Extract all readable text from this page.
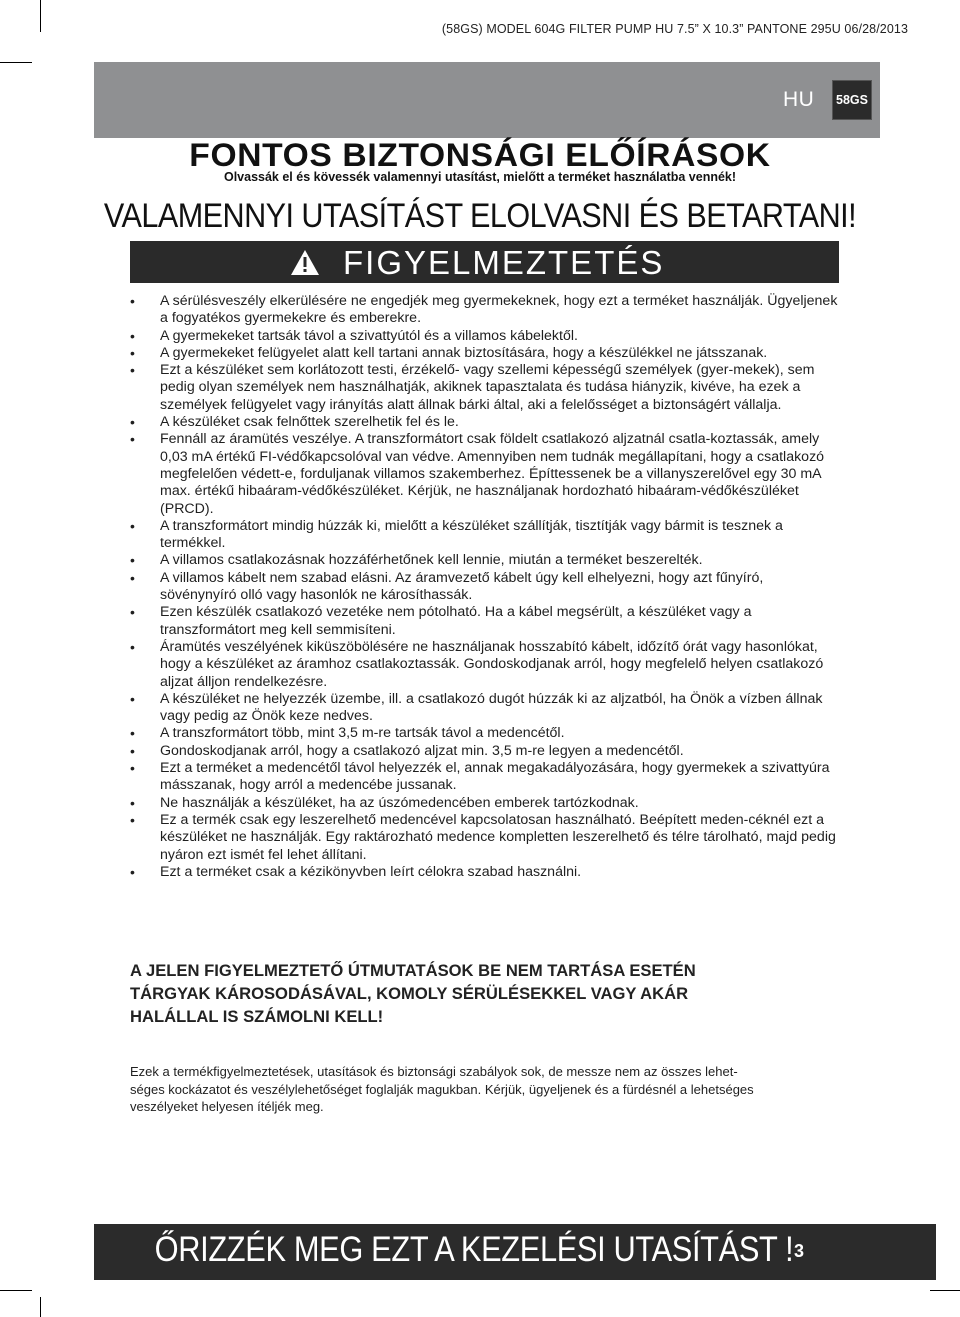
(58GS) MODEL 604G FILTER PUMP HU 7.5” X 10.3” PANTONE 295U 06/28/2013
HU	58GS
FONTOS BIZTONSÁGI ELŐÍRÁSOK
Olvassák el és kövessék valamennyi utasítást, mielőtt a terméket használatba vennék!
VALAMENNYI UTASÍTÁST ELOLVASNI ÉS BETARTANI!
FIGYELMEZTETÉS
• A sérülésveszély elkerülésére ne engedjék meg gyermekeknek, hogy ezt a terméket használják. Ügyeljenek a fogyatékos gyermekekre és emberekre.
• A gyermekeket tartsák távol a szivattyútól és a villamos kábelektől.
• A gyermekeket felügyelet alatt kell tartani annak biztosítására, hogy a készülékkel ne játsszanak.
• Ezt a készüléket sem korlátozott testi, érzékelő- vagy szellemi képességű személyek (gyer-mekek), sem pedig olyan személyek nem használhatják, akiknek tapasztalata és tudása hiányzik, kivéve, ha ezek a személyek felügyelet vagy irányítás alatt állnak bárki által, aki a felelősséget a biztonságért vállalja.
• A készüléket csak felnőttek szerelhetik fel és le.
• Fennáll az áramütés veszélye. A transzformátort csak földelt csatlakozó aljzatnál csatla-koztassák, amely 0,03 mA értékű FI-védőkapcsolóval van védve. Amennyiben nem tudnák megállapítani, hogy a csatlakozó megfelelően védett-e, forduljanak villamos szakemberhez. Építtessenek be a villanyszerelővel egy 30 mA max. értékű hibaáram-védőkészüléket. Kérjük, ne használjanak hordozható hibaáram-védőkészüléket (PRCD).
• A transzformátort mindig húzzák ki, mielőtt a készüléket szállítják, tisztítják vagy bármit is tesznek a termékkel.
• A villamos csatlakozásnak hozzáférhetőnek kell lennie, miután a terméket beszerelték.
• A villamos kábelt nem szabad elásni. Az áramvezető kábelt úgy kell elhelyezni, hogy azt fűnyíró, sövénynyíró olló vagy hasonlók ne károsíthassák.
• Ezen készülék csatlakozó vezetéke nem pótolható. Ha a kábel megsérült, a készüléket vagy a transzformátort meg kell semmisíteni.
• Áramütés veszélyének kiküszöbölésére ne használjanak hosszabító kábelt, időzítő órát vagy hasonlókat, hogy a készüléket az áramhoz csatlakoztassák. Gondoskodjanak arról, hogy megfelelő helyen csatlakozó aljzat álljon rendelkezésre.
• A készüléket ne helyezzék üzembe, ill. a csatlakozó dugót húzzák ki az aljzatból, ha Önök a vízben állnak vagy pedig az Önök keze nedves.
• A transzformátort több, mint 3,5 m-re tartsák távol a medencétől.
• Gondoskodjanak arról, hogy a csatlakozó aljzat min. 3,5 m-re legyen a medencétől.
• Ezt a terméket a medencétől távol helyezzék el, annak megakadályozására, hogy gyermekek a szivattyúra másszanak, hogy arról a medencébe jussanak.
• Ne használják a készüléket, ha az úszómedencében emberek tartózkodnak.
• Ez a termék csak egy leszerelhető medencével kapcsolatosan használható. Beépített meden-céknél ezt a készüléket ne használják. Egy raktározható medence kompletten leszerelhető és télre tárolható, majd pedig nyáron ezt ismét fel lehet állítani.
• Ezt a terméket csak a kézikönyvben leírt célokra szabad használni.

A JELEN FIGYELMEZTETŐ ÚTMUTATÁSOK BE NEM TARTÁSA ESETÉN
TÁRGYAK KÁROSODÁSÁVAL, KOMOLY SÉRÜLÉSEKKEL VAGY AKÁR
HALÁLLAL IS SZÁMOLNI KELL!

Ezek a termékfigyelmeztetések, utasítások és biztonsági szabályok sok, de messze nem az összes lehet-
séges kockázatot és veszélylehetőséget foglalják magukban. Kérjük, ügyeljenek és a fürdésnél a lehetséges
veszélyeket helyesen ítéljék meg.

ŐRIZZÉK MEG EZT A KEZELÉSI UTASÍTÁST ! 3
